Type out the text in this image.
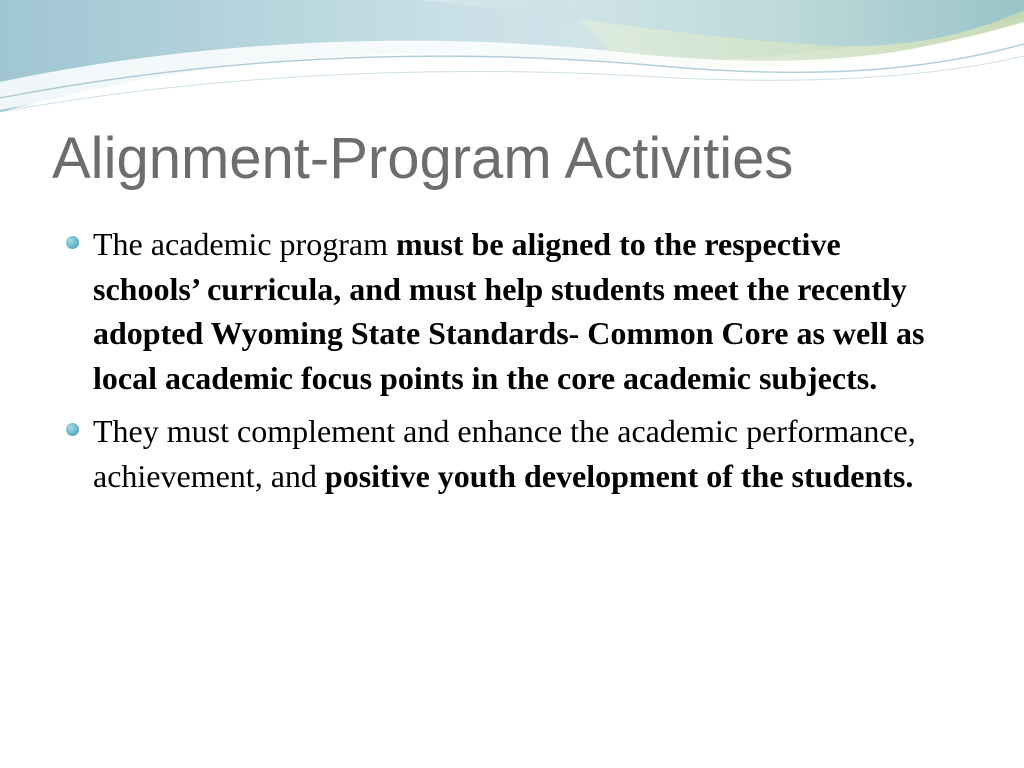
Alignment-Program Activities
The academic program must be aligned to the respective schools’ curricula, and must help students meet the recently adopted Wyoming State Standards- Common Core as well as local academic focus points in the core academic subjects.
They must complement and enhance the academic performance, achievement, and positive youth development of the students.
